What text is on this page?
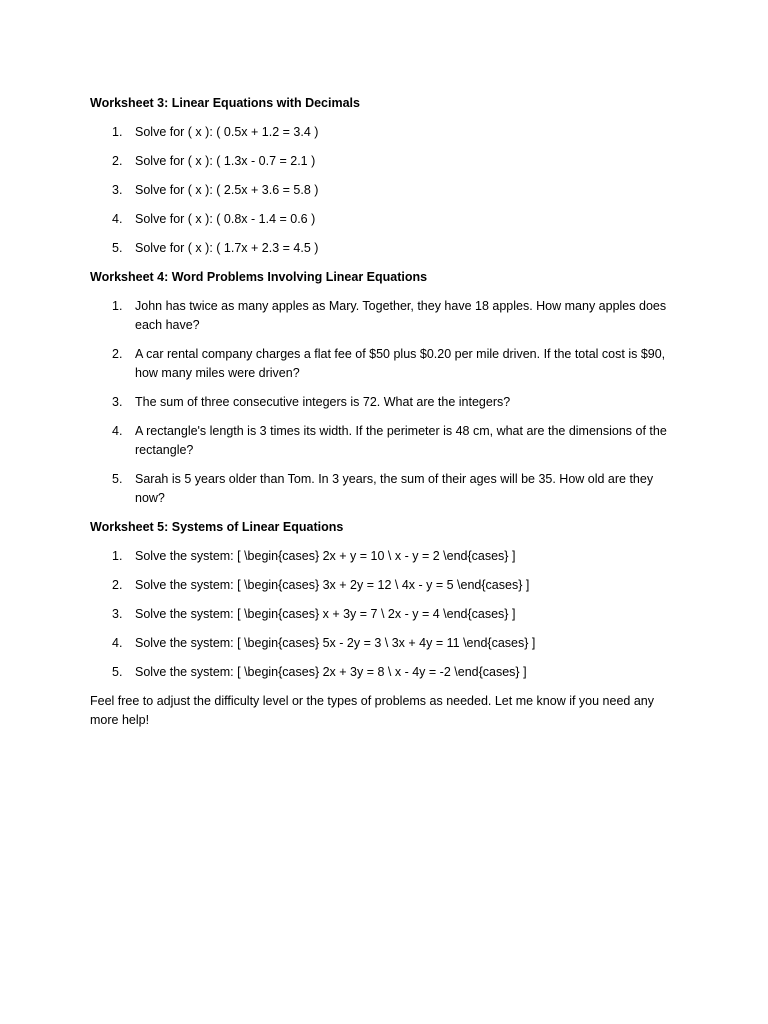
Worksheet 3: Linear Equations with Decimals
1. Solve for ( x ): ( 0.5x + 1.2 = 3.4 )
2. Solve for ( x ): ( 1.3x - 0.7 = 2.1 )
3. Solve for ( x ): ( 2.5x + 3.6 = 5.8 )
4. Solve for ( x ): ( 0.8x - 1.4 = 0.6 )
5. Solve for ( x ): ( 1.7x + 2.3 = 4.5 )
Worksheet 4: Word Problems Involving Linear Equations
1. John has twice as many apples as Mary. Together, they have 18 apples. How many apples does each have?
2. A car rental company charges a flat fee of $50 plus $0.20 per mile driven. If the total cost is $90, how many miles were driven?
3. The sum of three consecutive integers is 72. What are the integers?
4. A rectangle's length is 3 times its width. If the perimeter is 48 cm, what are the dimensions of the rectangle?
5. Sarah is 5 years older than Tom. In 3 years, the sum of their ages will be 35. How old are they now?
Worksheet 5: Systems of Linear Equations
1. Solve the system: [ \begin{cases} 2x + y = 10 \ x - y = 2 \end{cases} ]
2. Solve the system: [ \begin{cases} 3x + 2y = 12 \ 4x - y = 5 \end{cases} ]
3. Solve the system: [ \begin{cases} x + 3y = 7 \ 2x - y = 4 \end{cases} ]
4. Solve the system: [ \begin{cases} 5x - 2y = 3 \ 3x + 4y = 11 \end{cases} ]
5. Solve the system: [ \begin{cases} 2x + 3y = 8 \ x - 4y = -2 \end{cases} ]

Feel free to adjust the difficulty level or the types of problems as needed. Let me know if you need any more help!
